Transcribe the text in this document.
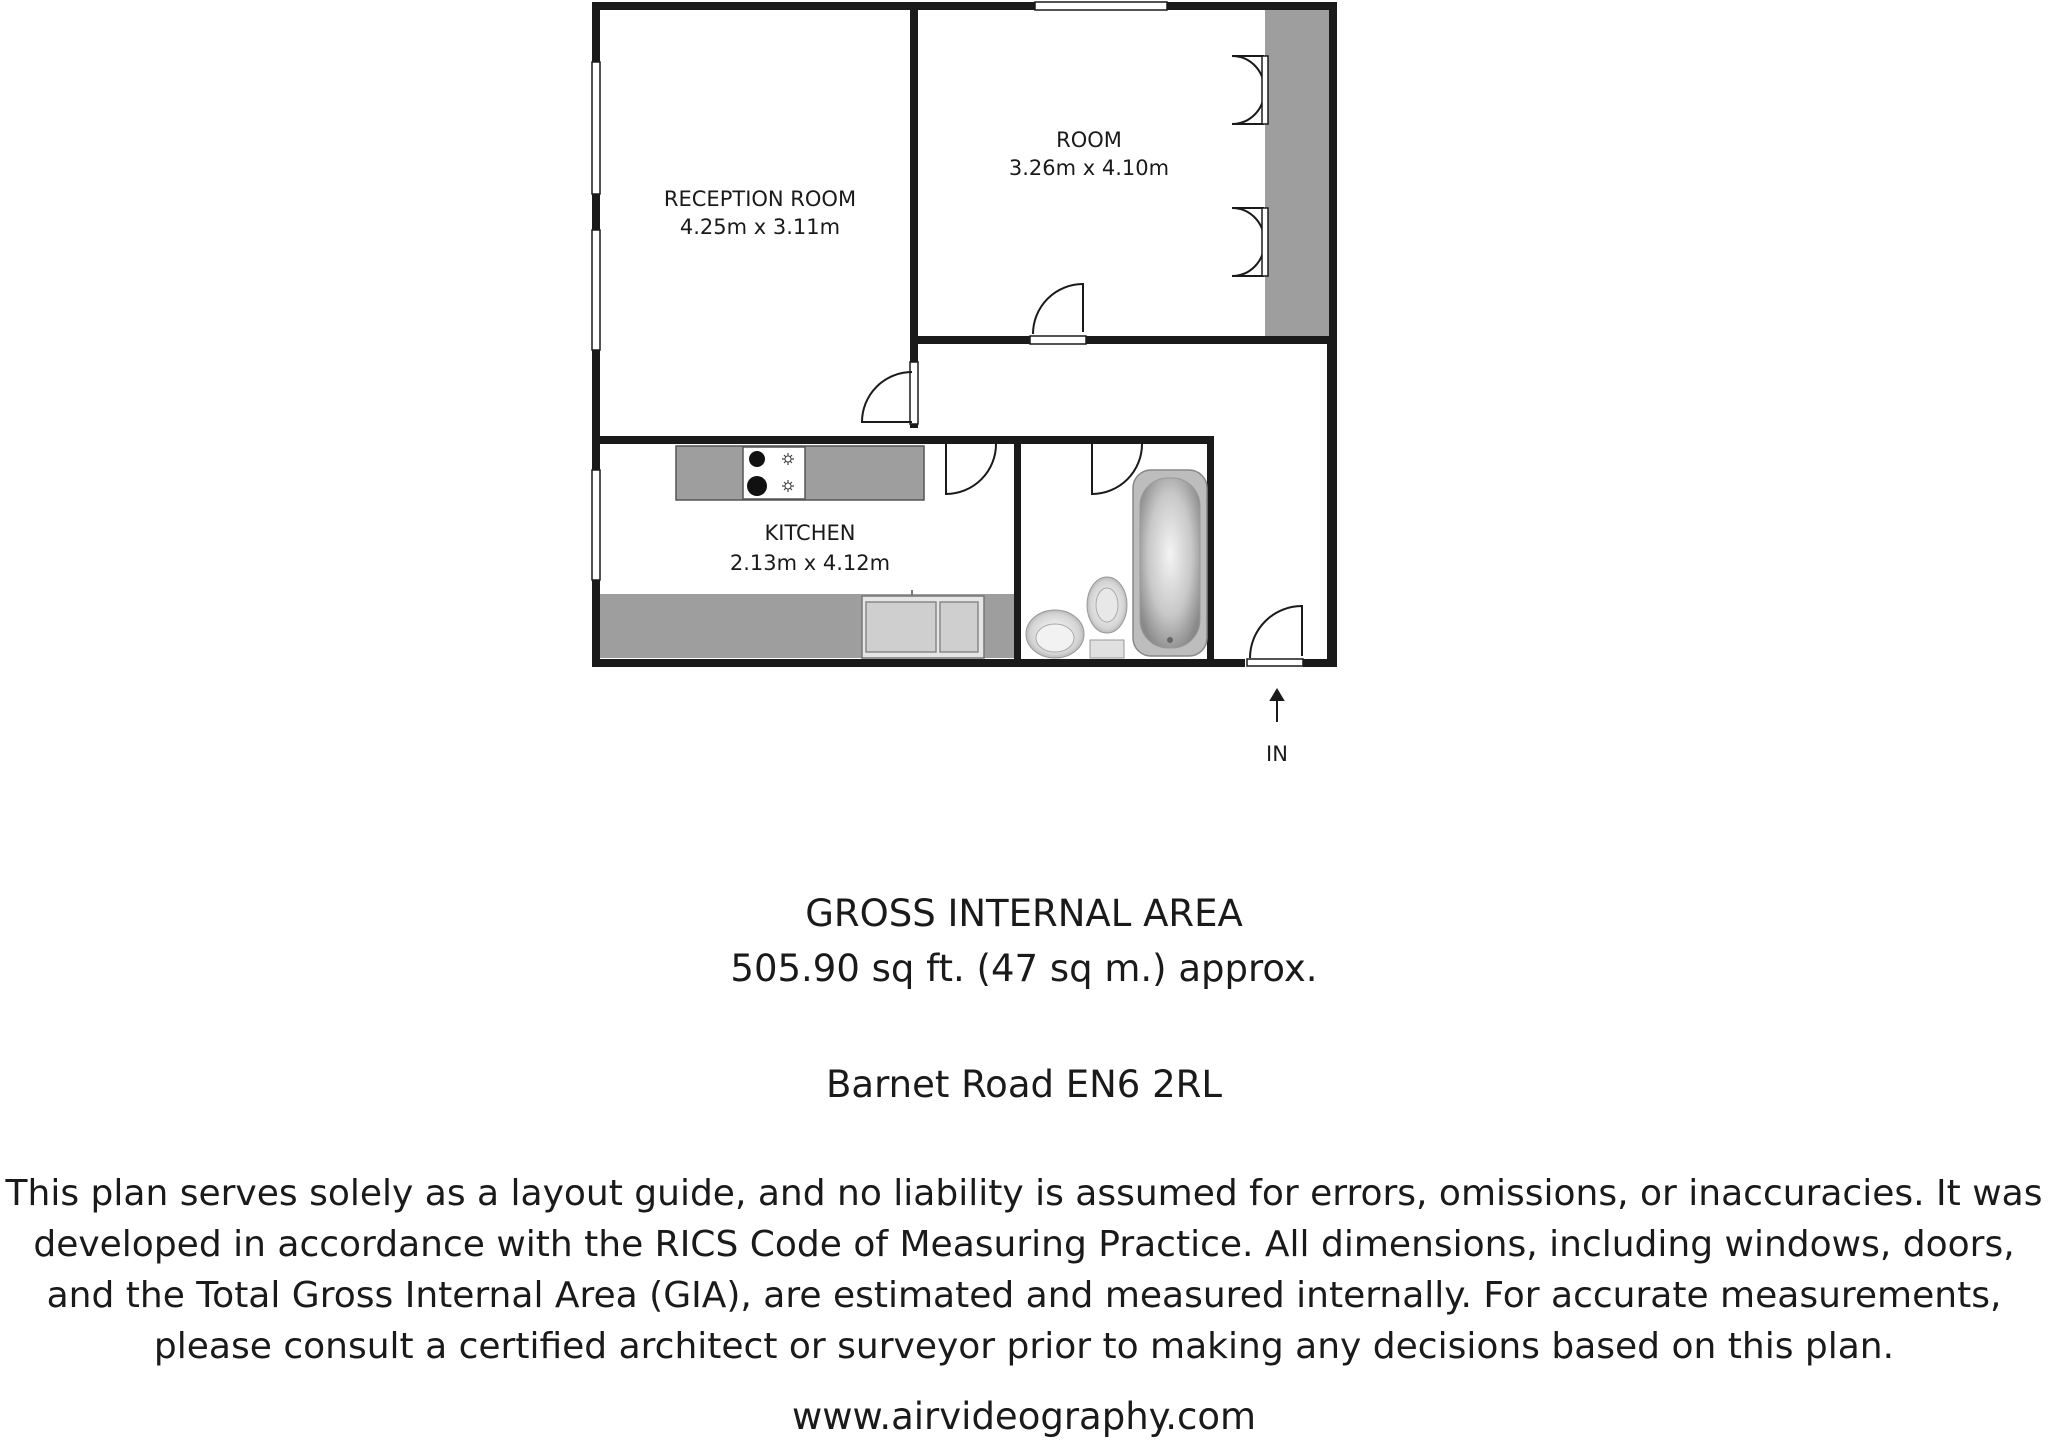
RECEPTION ROOM
4.25m x 3.11m
ROOM
3.26m x 4.10m
KITCHEN
2.13m x 4.12m
IN
GROSS INTERNAL AREA
505.90 sq ft. (47 sq m.) approx.
Barnet Road EN6 2RL
This plan serves solely as a layout guide, and no liability is assumed for errors, omissions, or inaccuracies. It was
developed in accordance with the RICS Code of Measuring Practice. All dimensions, including windows, doors,
and the Total Gross Internal Area (GIA), are estimated and measured internally. For accurate measurements,
please consult a certified architect or surveyor prior to making any decisions based on this plan.
www.airvideography.com
